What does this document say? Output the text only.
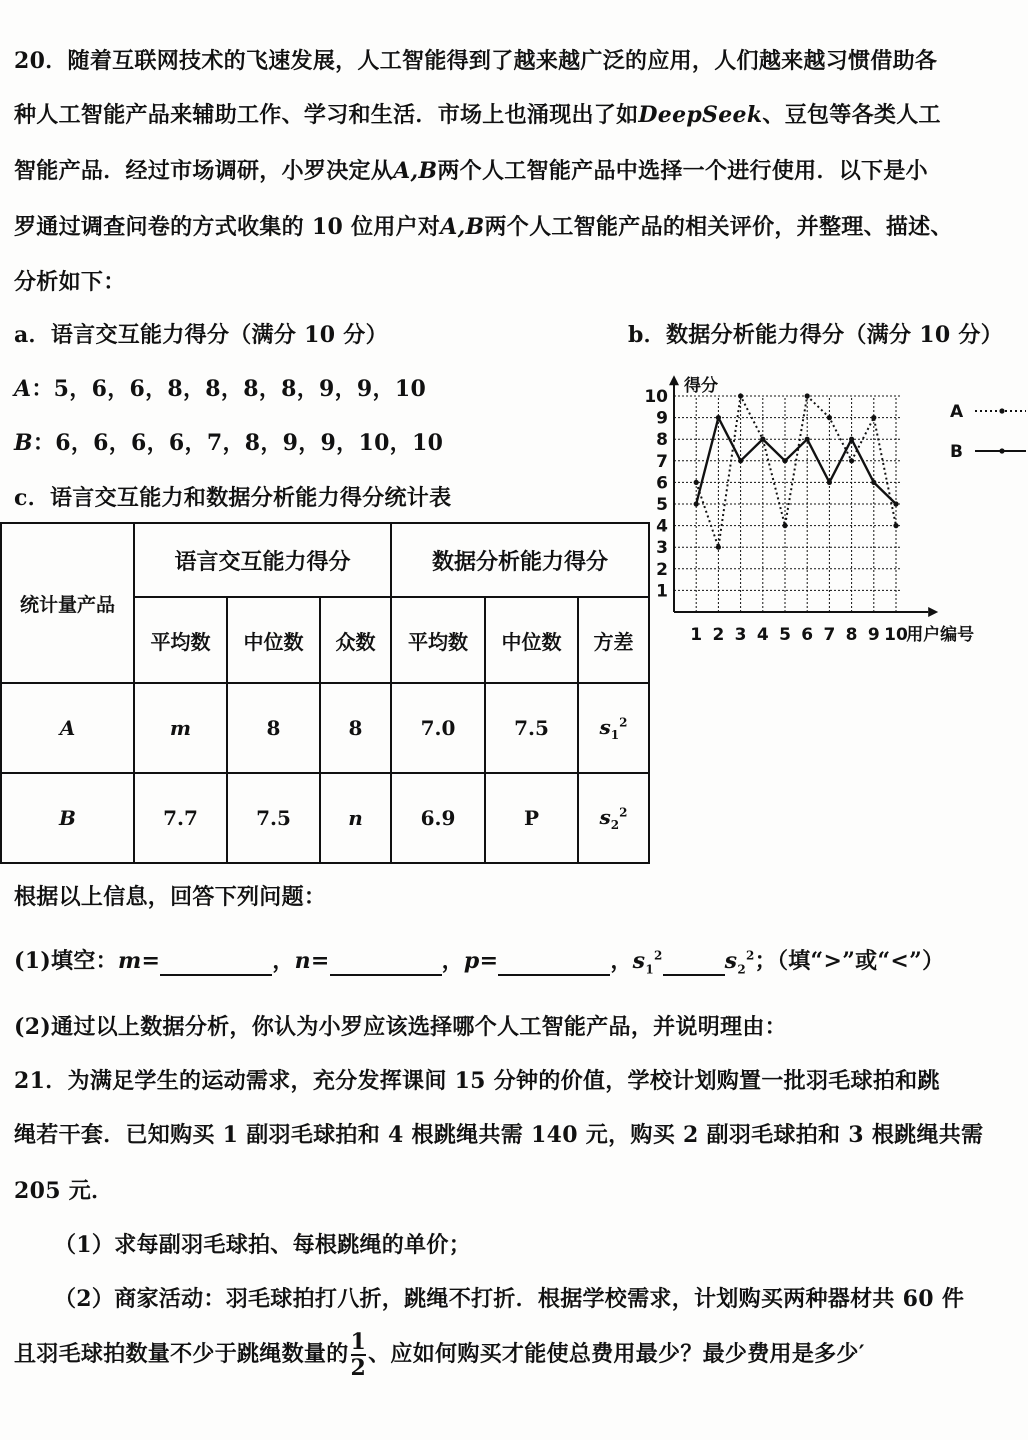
20．随着互联网技术的飞速发展，人工智能得到了越来越广泛的应用，人们越来越习惯借助各
种人工智能产品来辅助工作、学习和生活．市场上也涌现出了如DeepSeek、豆包等各类人工
智能产品．经过市场调研，小罗决定从A,B两个人工智能产品中选择一个进行使用．以下是小
罗通过调查问卷的方式收集的 10 位用户对A,B两个人工智能产品的相关评价，并整理、描述、
分析如下：
a．语言交互能力得分（满分 10 分）
A：5，6，6，8，8，8，8，9，9，10
B：6，6，6，6，7，8，9，9，10，10
c．语言交互能力和数据分析能力得分统计表
b．数据分析能力得分（满分 10 分）
得分
用户编号
1
2
3
4
5
6
7
8
9
10
1 2 3 4 5 6 7 8 9 10
A
B
统计量产品	语言交互能力得分			数据分析能力得分		
	平均数	中位数	众数	平均数	中位数	方差
A	m	8	8	7.0	7.5	$s_1^2$
B	7.7	7.5	n	6.9	P	$s_2^2$
根据以上信息，回答下列问题：
(1)填空：m=	，n=	，p=	，$s_1^2$	$s_2^2$；（填“>”或“<”）
(2)通过以上数据分析，你认为小罗应该选择哪个人工智能产品，并说明理由：
21．为满足学生的运动需求，充分发挥课间 15 分钟的价值，学校计划购置一批羽毛球拍和跳
绳若干套．已知购买 1 副羽毛球拍和 4 根跳绳共需 140 元，购买 2 副羽毛球拍和 3 根跳绳共需
205 元．
（1）求每副羽毛球拍、每根跳绳的单价；
（2）商家活动：羽毛球拍打八折，跳绳不打折．根据学校需求，计划购买两种器材共 60 件
且羽毛球拍数量不少于跳绳数量的 $\frac{1}{2}$ 、应如何购买才能使总费用最少？最少费用是多少′
